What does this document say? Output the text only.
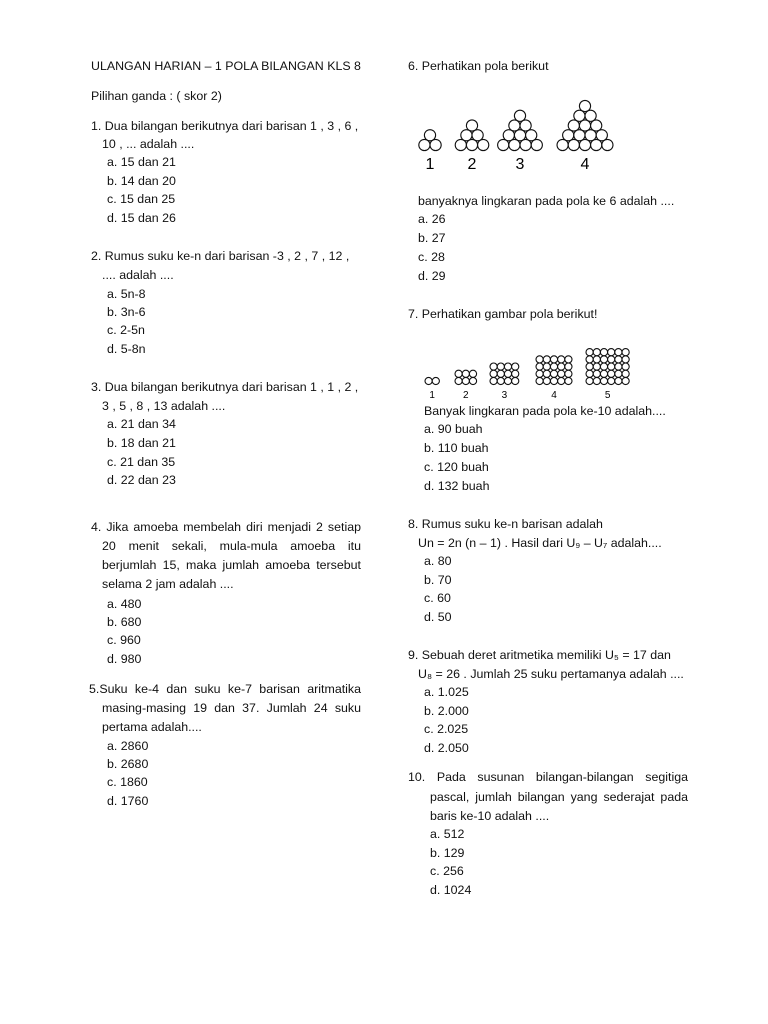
ULANGAN HARIAN – 1 POLA BILANGAN KLS 8
Pilihan ganda : ( skor 2)
1. Dua bilangan berikutnya dari barisan 1 , 3 , 6 ,
10 , ... adalah ....
a. 15 dan 21
b. 14 dan 20
c. 15 dan 25
d. 15 dan 26
2. Rumus suku ke-n dari barisan -3 , 2 , 7 , 12 ,
.... adalah ....
a. 5n-8
b. 3n-6
c. 2-5n
d. 5-8n
3. Dua bilangan berikutnya dari barisan 1 , 1 , 2 ,
3 , 5 , 8 , 13 adalah ....
a. 21 dan 34
b. 18 dan 21
c. 21 dan 35
d. 22 dan 23
4. Jika amoeba membelah diri menjadi 2 setiap
20 menit sekali, mula-mula amoeba itu
berjumlah 15, maka jumlah amoeba tersebut
selama 2 jam adalah ....
a. 480
b. 680
c. 960
d. 980
5.Suku ke-4 dan suku ke-7 barisan aritmatika
masing-masing 19 dan 37. Jumlah 24 suku
pertama adalah....
a. 2860
b. 2680
c. 1860
d. 1760
6. Perhatikan pola berikut
1 2 3	4
banyaknya lingkaran pada pola ke 6 adalah ....
a. 26
b. 27
c. 28
d. 29
7. Perhatikan gambar pola berikut!
1	2	3	4	5
Banyak lingkaran pada pola ke-10 adalah....
a. 90 buah
b. 110 buah
c. 120 buah
d. 132 buah
8. Rumus suku ke-n barisan adalah
Un = 2n (n – 1) . Hasil dari U₉ – U₇ adalah....
a. 80
b. 70
c. 60
d. 50
9. Sebuah deret aritmetika memiliki U₅ = 17 dan
U₈ = 26 . Jumlah 25 suku pertamanya adalah ....
a. 1.025
b. 2.000
c. 2.025
d. 2.050
10. Pada susunan bilangan-bilangan segitiga
pascal, jumlah bilangan yang sederajat pada
baris ke-10 adalah ....
a. 512
b. 129
c. 256
d. 1024
